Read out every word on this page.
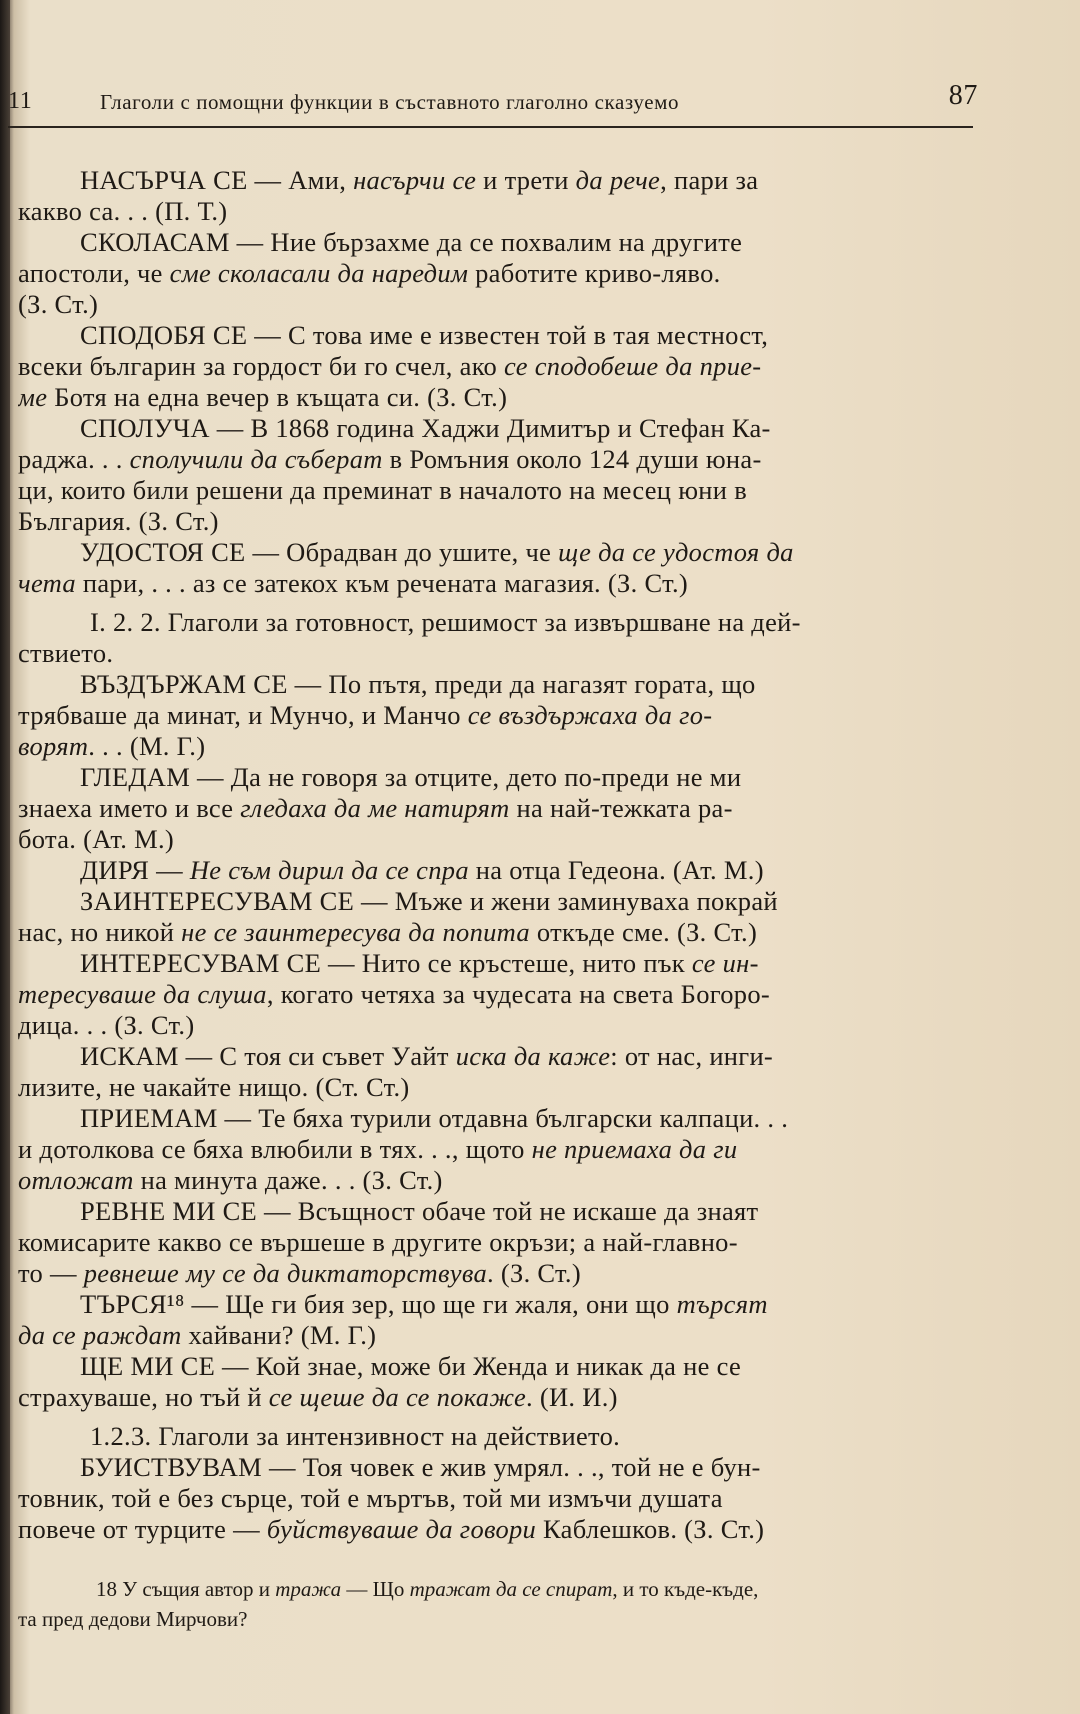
11	Глаголи с помощни функции в съставното глаголно сказуемо	87
НАСЪРЧА СЕ — Ами, насърчи се и трети да рече, пари за
какво са. . . (П. Т.)
СКОЛАСАМ — Ние бързахме да се похвалим на другите
апостоли, че сме сколасали да наредим работите криво-ляво.
(З. Ст.)
СПОДОБЯ СЕ — С това име е известен той в тая местност,
всеки българин за гордост би го счел, ако се сподобеше да прие-
ме Ботя на една вечер в къщата си. (З. Ст.)
СПОЛУЧА — В 1868 година Хаджи Димитър и Стефан Ка-
раджа. . . сполучили да съберат в Ромъния около 124 души юна-
ци, които били решени да преминат в началото на месец юни в
България. (З. Ст.)
УДОСТОЯ СЕ — Обрадван до ушите, че ще да се удостоя да
чета пари, . . . аз се затекох към речената магазия. (З. Ст.)
I. 2. 2. Глаголи за готовност, решимост за извършване на дей-
ствието.
ВЪЗДЪРЖАМ СЕ — По пътя, преди да нагазят гората, що
трябваше да минат, и Мунчо, и Манчо се въздържаха да го-
ворят. . . (М. Г.)
ГЛЕДАМ — Да не говоря за отците, дето по-преди не ми
знаеха името и все гледаха да ме натирят на най-тежката ра-
бота. (Ат. М.)
ДИРЯ — Не съм дирил да се спра на отца Гедеона. (Ат. М.)
ЗАИНТЕРЕСУВАМ СЕ — Мъже и жени заминуваха покрай
нас, но никой не се заинтересува да попита откъде сме. (З. Ст.)
ИНТЕРЕСУВАМ СЕ — Нито се кръстеше, нито пък се ин-
тересуваше да слуша, когато четяха за чудесата на света Богоро-
дица. . . (З. Ст.)
ИСКАМ — С тоя си съвет Уайт иска да каже: от нас, инги-
лизите, не чакайте нищо. (Ст. Ст.)
ПРИЕМАМ — Те бяха турили отдавна български калпаци. . .
и дотолкова се бяха влюбили в тях. . ., щото не приемаха да ги
отложат на минута даже. . . (З. Ст.)
РЕВНЕ МИ СЕ — Всъщност обаче той не искаше да знаят
комисарите какво се вършеше в другите окръзи; а най-главно-
то — ревнеше му се да диктаторствува. (З. Ст.)
ТЪРСЯ¹⁸ — Ще ги бия зер, що ще ги жаля, они що търсят
да се раждат хайвани? (М. Г.)
ЩЕ МИ СЕ — Кой знае, може би Женда и никак да не се
страхуваше, но тъй й се щеше да се покаже. (И. И.)
1.2.3. Глаголи за интензивност на действието.
БУИСТВУВАМ — Тоя човек е жив умрял. . ., той не е бун-
товник, той е без сърце, той е мъртъв, той ми измъчи душата
повече от турците — буйствуваше да говори Каблешков. (З. Ст.)
18 У същия автор и тража — Що тражат да се спират, и то къде-къде,
та пред дедови Мирчови?
